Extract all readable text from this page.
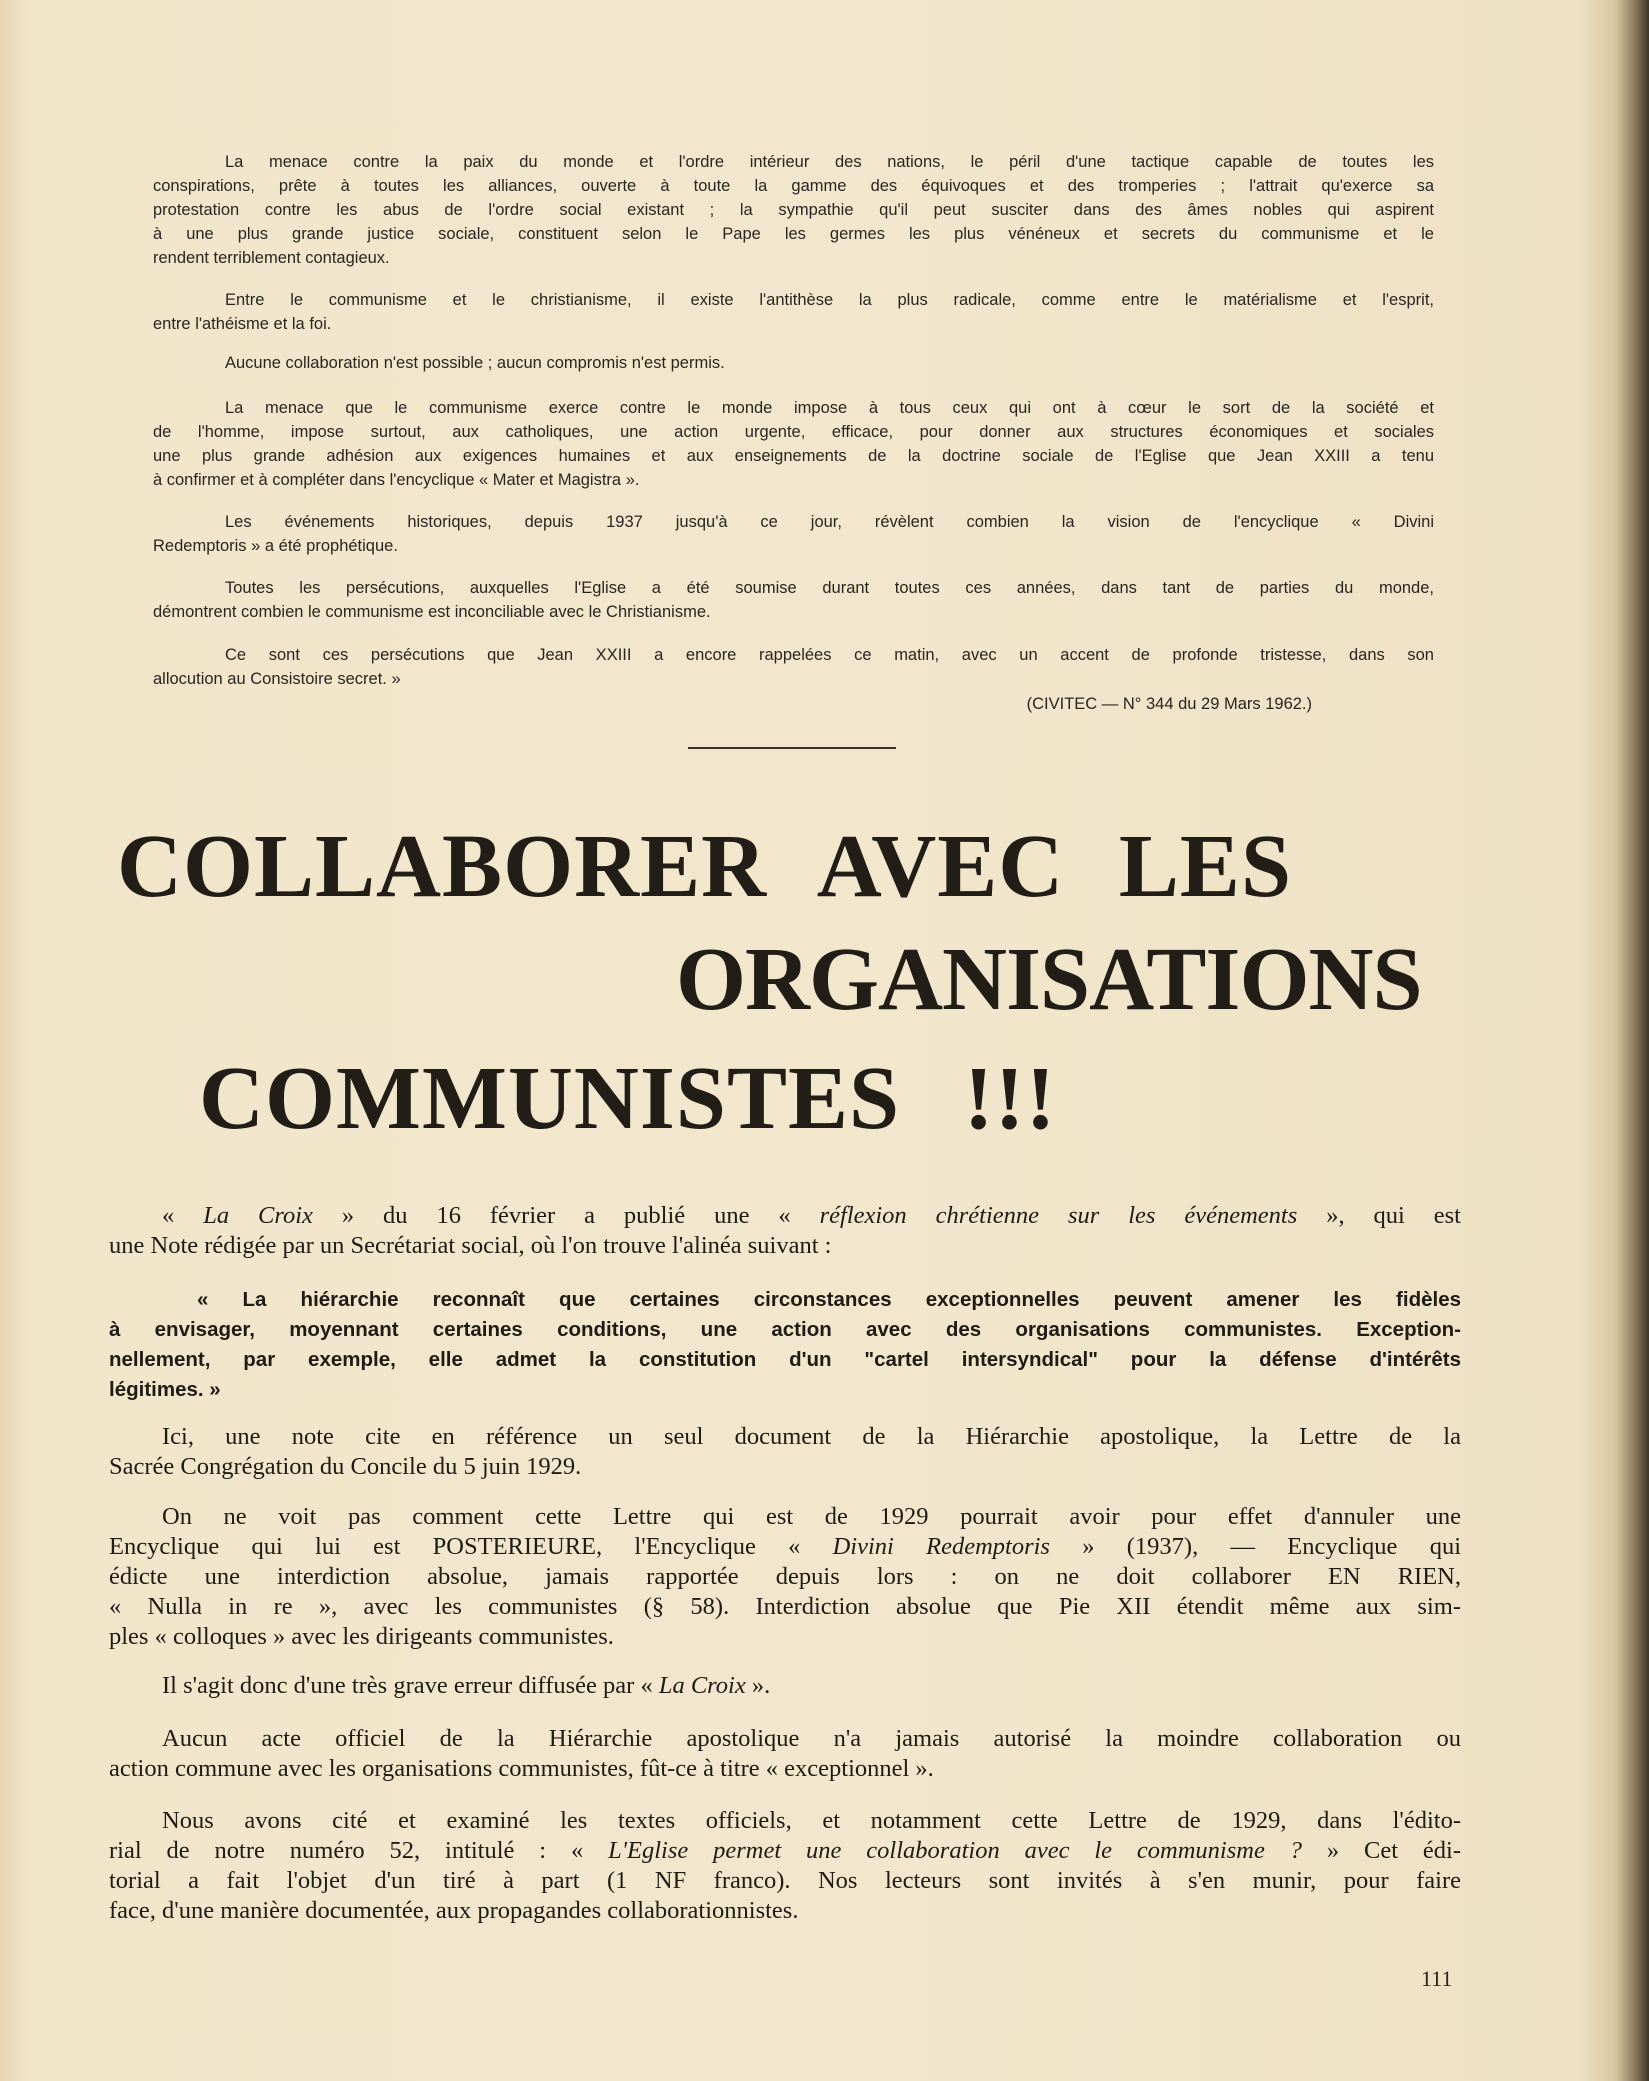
La menace contre la paix du monde et l'ordre intérieur des nations, le péril d'une tactique capable de toutes les
conspirations, prête à toutes les alliances, ouverte à toute la gamme des équivoques et des tromperies ; l'attrait qu'exerce sa
protestation contre les abus de l'ordre social existant ; la sympathie qu'il peut susciter dans des âmes nobles qui aspirent
à une plus grande justice sociale, constituent selon le Pape les germes les plus vénéneux et secrets du communisme et le
rendent terriblement contagieux.
Entre le communisme et le christianisme, il existe l'antithèse la plus radicale, comme entre le matérialisme et l'esprit,
entre l'athéisme et la foi.
Aucune collaboration n'est possible ; aucun compromis n'est permis.
La menace que le communisme exerce contre le monde impose à tous ceux qui ont à cœur le sort de la société et
de l'homme, impose surtout, aux catholiques, une action urgente, efficace, pour donner aux structures économiques et sociales
une plus grande adhésion aux exigences humaines et aux enseignements de la doctrine sociale de l'Eglise que Jean XXIII a tenu
à confirmer et à compléter dans l'encyclique « Mater et Magistra ».
Les événements historiques, depuis 1937 jusqu'à ce jour, révèlent combien la vision de l'encyclique « Divini
Redemptoris » a été prophétique.
Toutes les persécutions, auxquelles l'Eglise a été soumise durant toutes ces années, dans tant de parties du monde,
démontrent combien le communisme est inconciliable avec le Christianisme.
Ce sont ces persécutions que Jean XXIII a encore rappelées ce matin, avec un accent de profonde tristesse, dans son
allocution au Consistoire secret. »
(CIVITEC — N° 344 du 29 Mars 1962.)
COLLABORER AVEC LES
ORGANISATIONS
COMMUNISTES !!!
« La Croix » du 16 février a publié une « réflexion chrétienne sur les événements », qui est
une Note rédigée par un Secrétariat social, où l'on trouve l'alinéa suivant :
« La hiérarchie reconnaît que certaines circonstances exceptionnelles peuvent amener les fidèles
à envisager, moyennant certaines conditions, une action avec des organisations communistes. Exception-
nellement, par exemple, elle admet la constitution d'un "cartel intersyndical" pour la défense d'intérêts
légitimes. »
Ici, une note cite en référence un seul document de la Hiérarchie apostolique, la Lettre de la
Sacrée Congrégation du Concile du 5 juin 1929.
On ne voit pas comment cette Lettre qui est de 1929 pourrait avoir pour effet d'annuler une
Encyclique qui lui est POSTERIEURE, l'Encyclique « Divini Redemptoris » (1937), — Encyclique qui
édicte une interdiction absolue, jamais rapportée depuis lors : on ne doit collaborer EN RIEN,
« Nulla in re », avec les communistes (§ 58). Interdiction absolue que Pie XII étendit même aux sim-
ples « colloques » avec les dirigeants communistes.
Il s'agit donc d'une très grave erreur diffusée par « La Croix ».
Aucun acte officiel de la Hiérarchie apostolique n'a jamais autorisé la moindre collaboration ou
action commune avec les organisations communistes, fût-ce à titre « exceptionnel ».
Nous avons cité et examiné les textes officiels, et notamment cette Lettre de 1929, dans l'édito-
rial de notre numéro 52, intitulé : « L'Eglise permet une collaboration avec le communisme ? » Cet édi-
torial a fait l'objet d'un tiré à part (1 NF franco). Nos lecteurs sont invités à s'en munir, pour faire
face, d'une manière documentée, aux propagandes collaborationnistes.
111
